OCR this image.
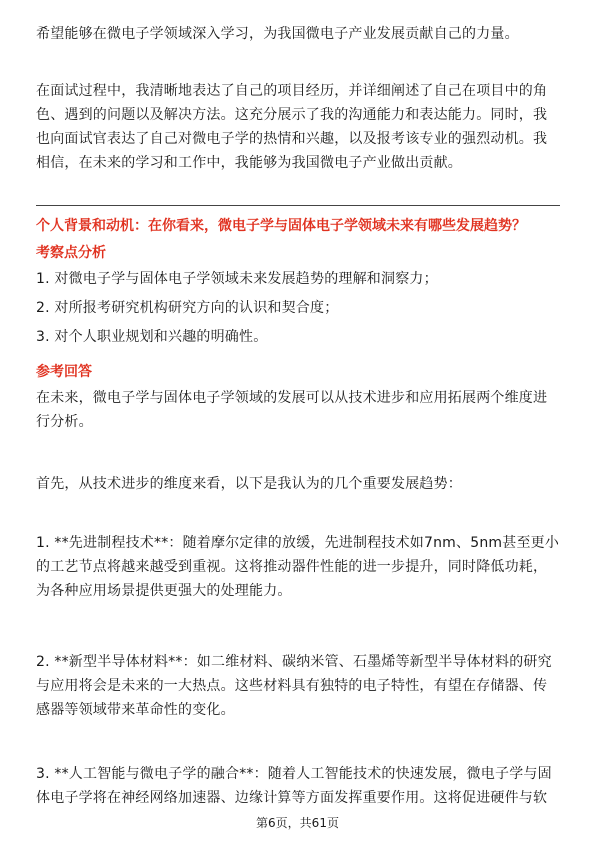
希望能够在微电子学领域深入学习，为我国微电子产业发展贡献自己的力量。

在面试过程中，我清晰地表达了自己的项目经历，并详细阐述了自己在项目中的角
色、遇到的问题以及解决方法。这充分展示了我的沟通能力和表达能力。同时，我
也向面试官表达了自己对微电子学的热情和兴趣，以及报考该专业的强烈动机。我
相信，在未来的学习和工作中，我能够为我国微电子产业做出贡献。

个人背景和动机：在你看来，微电子学与固体电子学领域未来有哪些发展趋势？

考察点分析

1. 对微电子学与固体电子学领域未来发展趋势的理解和洞察力；

2. 对所报考研究机构研究方向的认识和契合度；

3. 对个人职业规划和兴趣的明确性。

参考回答

在未来，微电子学与固体电子学领域的发展可以从技术进步和应用拓展两个维度进
行分析。

首先，从技术进步的维度来看，以下是我认为的几个重要发展趋势：

1. **先进制程技术**：随着摩尔定律的放缓，先进制程技术如7nm、5nm甚至更小
的工艺节点将越来越受到重视。这将推动器件性能的进一步提升，同时降低功耗，
为各种应用场景提供更强大的处理能力。

2. **新型半导体材料**：如二维材料、碳纳米管、石墨烯等新型半导体材料的研究
与应用将会是未来的一大热点。这些材料具有独特的电子特性，有望在存储器、传
感器等领域带来革命性的变化。

3. **人工智能与微电子学的融合**：随着人工智能技术的快速发展，微电子学与固
体电子学将在神经网络加速器、边缘计算等方面发挥重要作用。这将促进硬件与软

第6页，共61页
